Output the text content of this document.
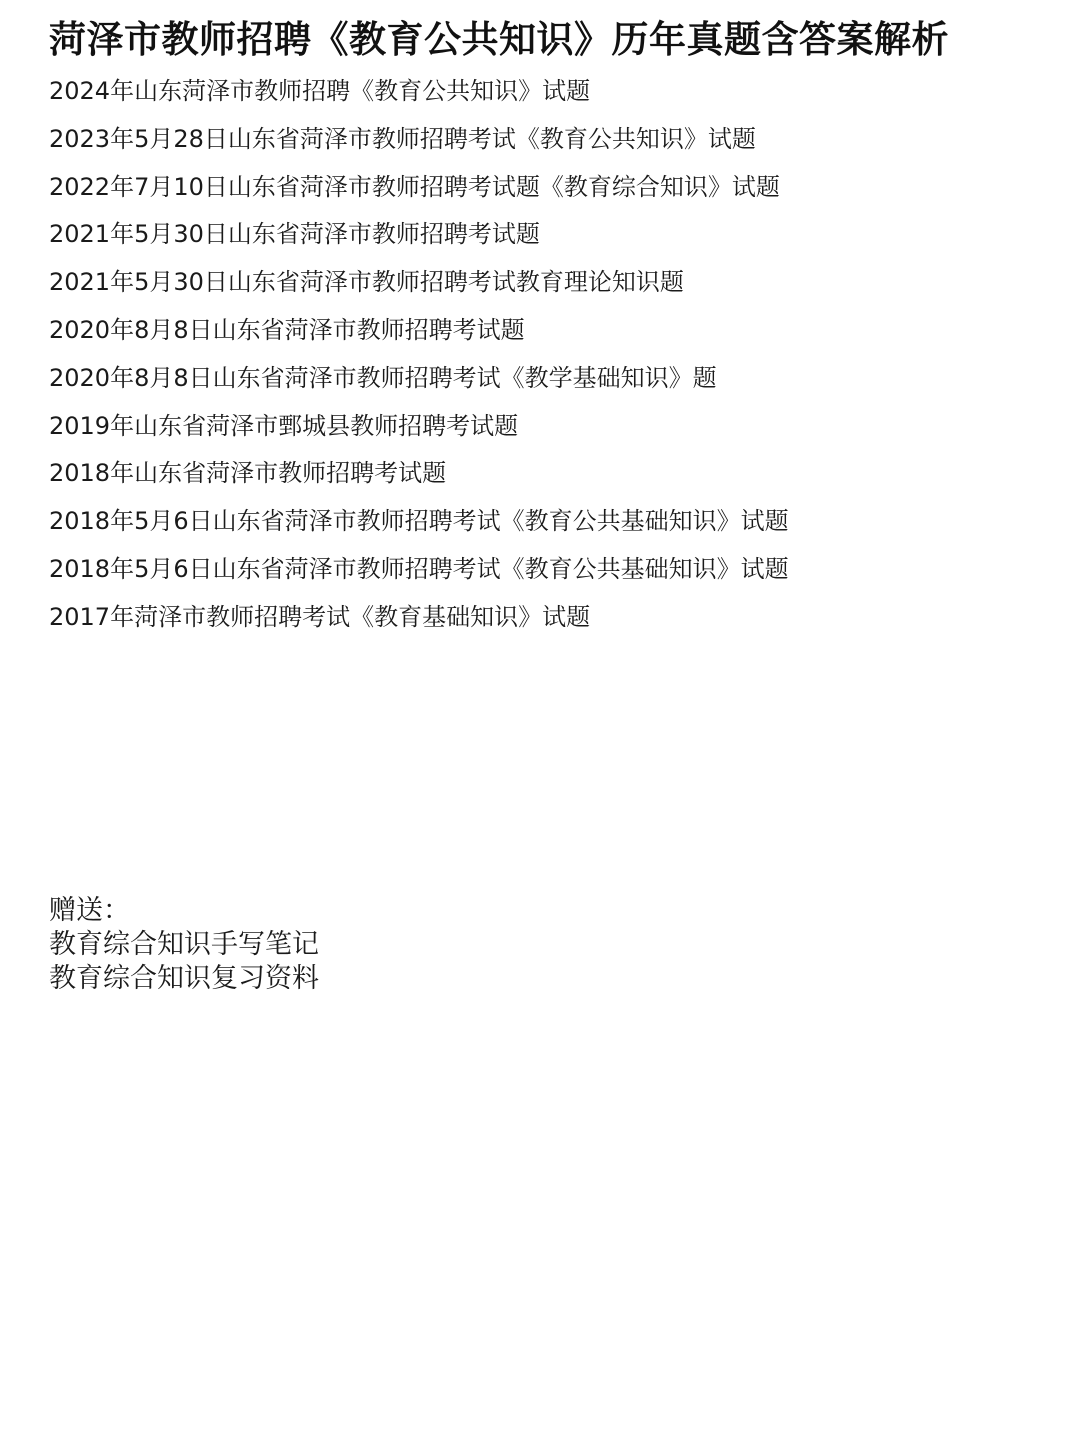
菏泽市教师招聘《教育公共知识》历年真题含答案解析
2024年山东菏泽市教师招聘《教育公共知识》试题
2023年5月28日山东省菏泽市教师招聘考试《教育公共知识》试题
2022年7月10日山东省菏泽市教师招聘考试题《教育综合知识》试题
2021年5月30日山东省菏泽市教师招聘考试题
2021年5月30日山东省菏泽市教师招聘考试教育理论知识题
2020年8月8日山东省菏泽市教师招聘考试题
2020年8月8日山东省菏泽市教师招聘考试《教学基础知识》题
2019年山东省菏泽市鄄城县教师招聘考试题
2018年山东省菏泽市教师招聘考试题
2018年5月6日山东省菏泽市教师招聘考试《教育公共基础知识》试题
2018年5月6日山东省菏泽市教师招聘考试《教育公共基础知识》试题
2017年菏泽市教师招聘考试《教育基础知识》试题
赠送：
教育综合知识手写笔记
教育综合知识复习资料
